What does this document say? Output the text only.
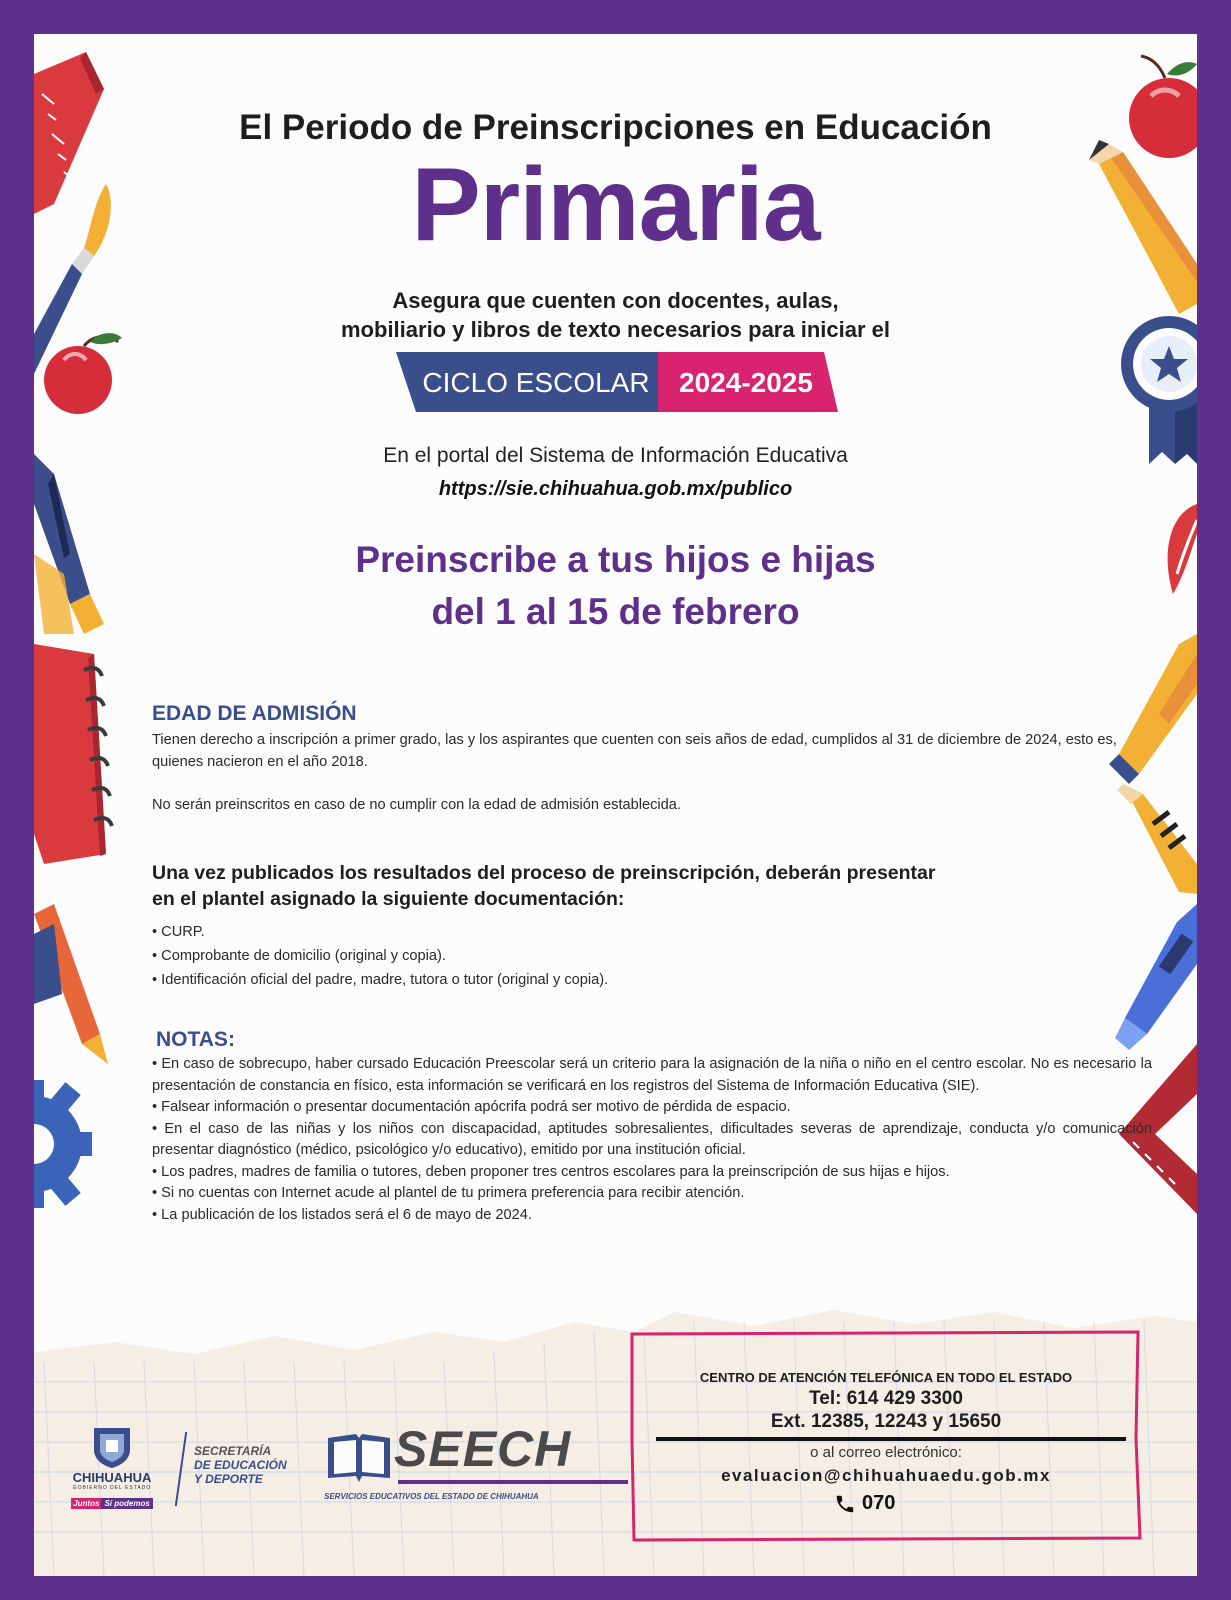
El Periodo de Preinscripciones en Educación
Primaria
Asegura que cuenten con docentes, aulas,
mobiliario y libros de texto necesarios para iniciar el
CICLO ESCOLAR 2024-2025
En el portal del Sistema de Información Educativa
https://sie.chihuahua.gob.mx/publico
Preinscribe a tus hijos e hijas
del 1 al 15 de febrero
EDAD DE ADMISIÓN

Tienen derecho a inscripción a primer grado, las y los aspirantes que cuenten con seis años de edad, cumplidos al 31 de diciembre de 2024, esto es, quienes nacieron en el año 2018.

No serán preinscritos en caso de no cumplir con la edad de admisión establecida.

Una vez publicados los resultados del proceso de preinscripción, deberán presentar
en el plantel asignado la siguiente documentación:
• CURP.
• Comprobante de domicilio (original y copia).
• Identificación oficial del padre, madre, tutora o tutor (original y copia).
NOTAS:

• En caso de sobrecupo, haber cursado Educación Preescolar será un criterio para la asignación de la niña o niño en el centro escolar. No es necesario la presentación de constancia en físico, esta información se verificará en los registros del Sistema de Información Educativa (SIE).

• Falsear información o presentar documentación apócrifa podrá ser motivo de pérdida de espacio.

• En el caso de las niñas y los niños con discapacidad, aptitudes sobresalientes, dificultades severas de aprendizaje, conducta y/o comunicación presentar diagnóstico (médico, psicológico y/o educativo), emitido por una institución oficial.

• Los padres, madres de familia o tutores, deben proponer tres centros escolares para la preinscripción de sus hijas e hijos.

• Si no cuentas con Internet acude al plantel de tu primera preferencia para recibir atención.

• La publicación de los listados será el 6 de mayo de 2024.

CHIHUAHUA
GOBIERNO DEL ESTADO
Juntos Sí podemos
SECRETARÍA
DE EDUCACIÓN
Y DEPORTE
SEECH
SERVICIOS EDUCATIVOS DEL ESTADO DE CHIHUAHUA
CENTRO DE ATENCIÓN TELEFÓNICA EN TODO EL ESTADO
Tel: 614 429 3300
Ext. 12385, 12243 y 15650
o al correo electrónico:
evaluacion@chihuahuaedu.gob.mx
070
